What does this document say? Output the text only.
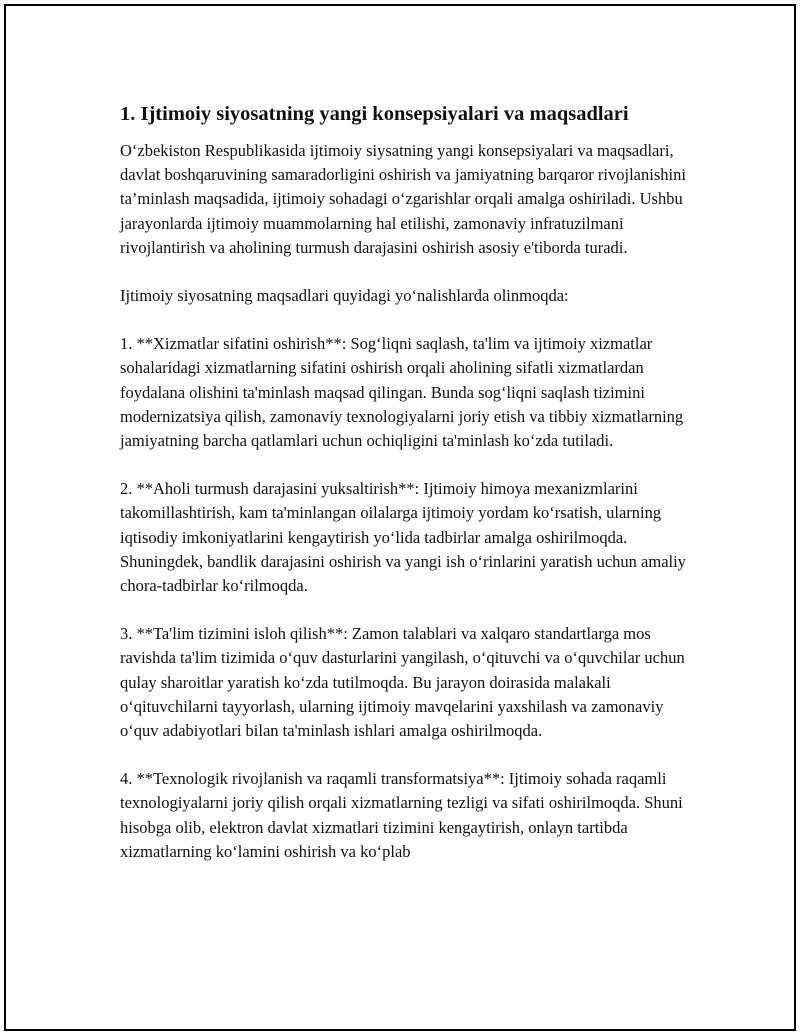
1. Ijtimoiy siyosatning yangi konsepsiyalari va maqsadlari

O‘zbekiston Respublikasida ijtimoiy siysatning yangi konsepsiyalari va maqsadlari, davlat boshqaruvining samaradorligini oshirish va jamiyatning barqaror rivojlanishini ta’minlash maqsadida, ijtimoiy sohadagi o‘zgarishlar orqali amalga oshiriladi. Ushbu jarayonlarda ijtimoiy muammolarning hal etilishi, zamonaviy infratuzilmani rivojlantirish va aholining turmush darajasini oshirish asosiy e'tiborda turadi.

Ijtimoiy siyosatning maqsadlari quyidagi yo‘nalishlarda olinmoqda:

1. **Xizmatlar sifatini oshirish**: Sog‘liqni saqlash, ta'lim va ijtimoiy xizmatlar sohalaridagi xizmatlarning sifatini oshirish orqali aholining sifatli xizmatlardan foydalana olishini ta'minlash maqsad qilingan. Bunda sog‘liqni saqlash tizimini modernizatsiya qilish, zamonaviy texnologiyalarni joriy etish va tibbiy xizmatlarning jamiyatning barcha qatlamlari uchun ochiqligini ta'minlash ko‘zda tutiladi.

2. **Aholi turmush darajasini yuksaltirish**: Ijtimoiy himoya mexanizmlarini takomillashtirish, kam ta'minlangan oilalarga ijtimoiy yordam ko‘rsatish, ularning iqtisodiy imkoniyatlarini kengaytirish yo‘lida tadbirlar amalga oshirilmoqda. Shuningdek, bandlik darajasini oshirish va yangi ish o‘rinlarini yaratish uchun amaliy chora-tadbirlar ko‘rilmoqda.

3. **Ta'lim tizimini isloh qilish**: Zamon talablari va xalqaro standartlarga mos ravishda ta'lim tizimida o‘quv dasturlarini yangilash, o‘qituvchi va o‘quvchilar uchun qulay sharoitlar yaratish ko‘zda tutilmoqda. Bu jarayon doirasida malakali o‘qituvchilarni tayyorlash, ularning ijtimoiy mavqelarini yaxshilash va zamonaviy o‘quv adabiyotlari bilan ta'minlash ishlari amalga oshirilmoqda.

4. **Texnologik rivojlanish va raqamli transformatsiya**: Ijtimoiy sohada raqamli texnologiyalarni joriy qilish orqali xizmatlarning tezligi va sifati oshirilmoqda. Shuni hisobga olib, elektron davlat xizmatlari tizimini kengaytirish, onlayn tartibda xizmatlarning ko‘lamini oshirish va ko‘plab
